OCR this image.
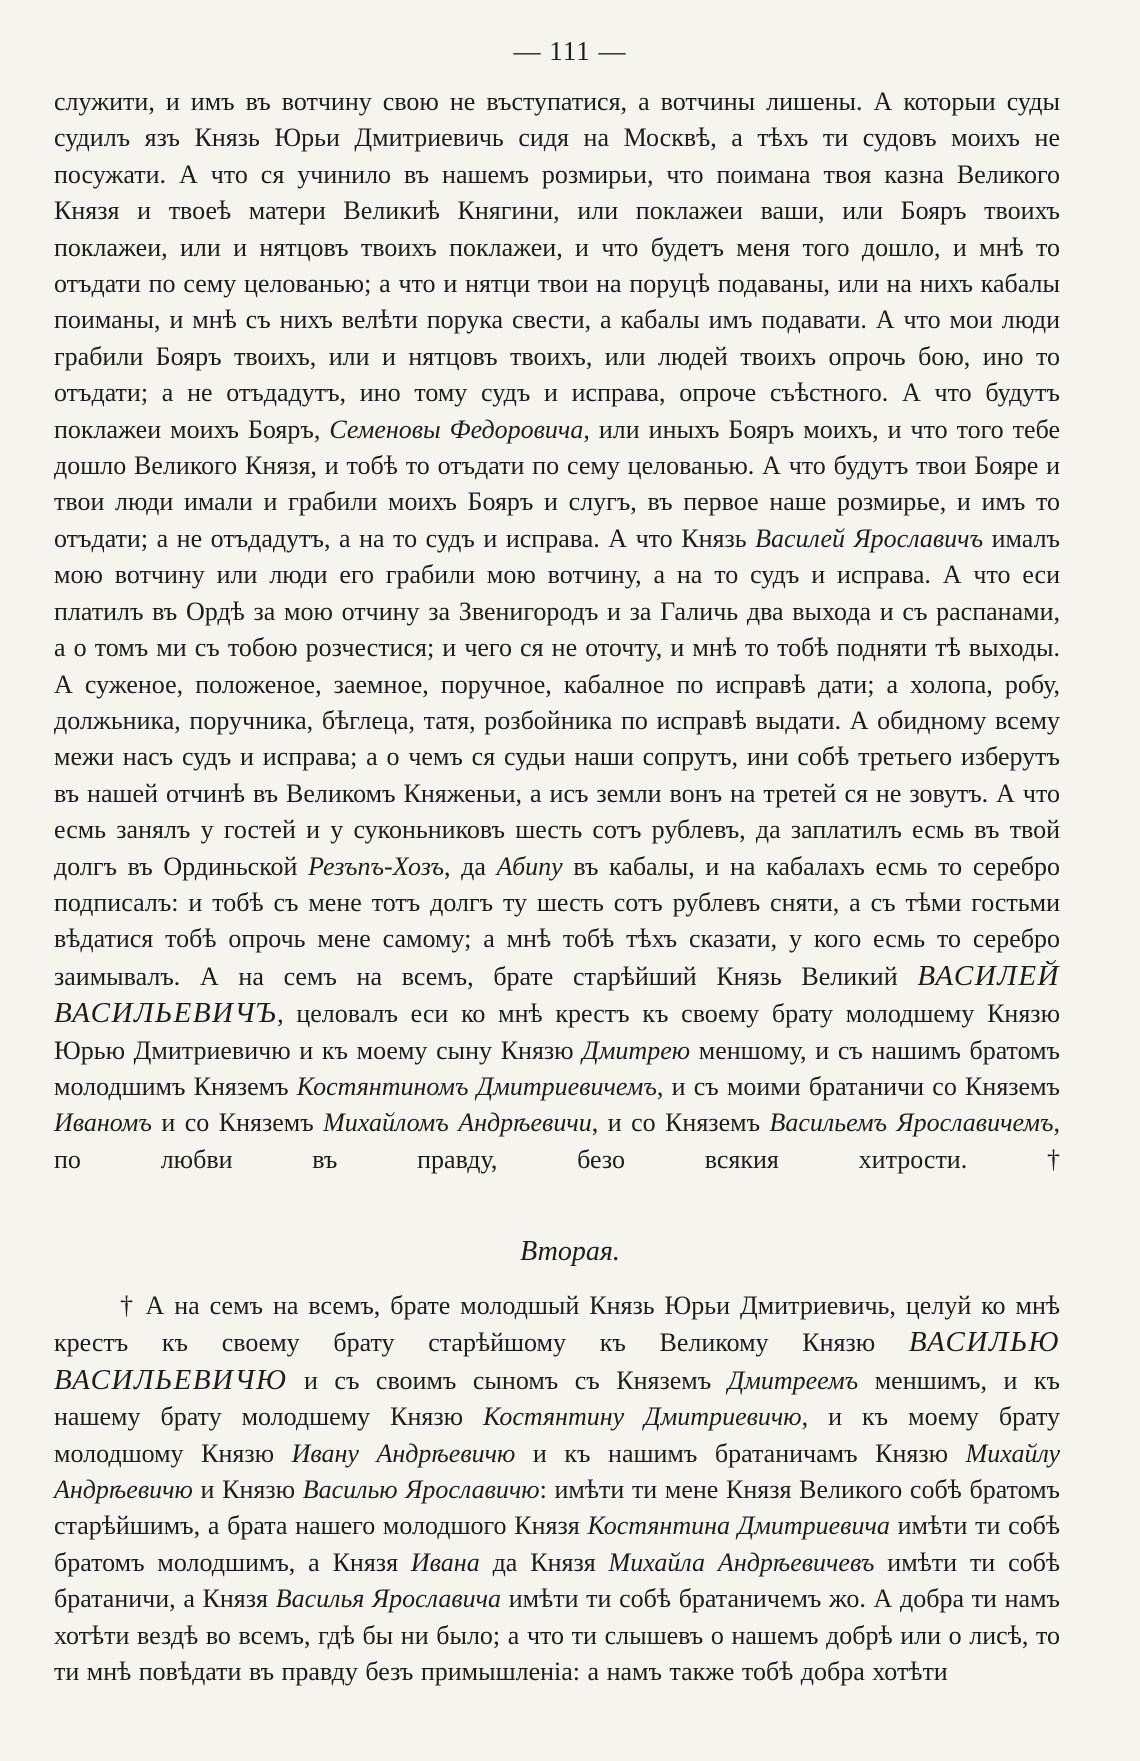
— 111 —
служити, и имъ въ вотчину свою не въступатися, а вотчины лишены. А которыи суды судилъ язъ Князь Юрьи Дмитриевичь сидя на Москвѣ, а тѣхъ ти судовъ моихъ не посужати. А что ся учинило въ нашемъ розмирьи, что поимана твоя казна Великого Князя и твоеѣ матери Великиѣ Княгини, или поклажеи ваши, или Бояръ твоихъ поклажеи, или и нятцовъ твоихъ поклажеи, и что будетъ меня того дошло, и мнѣ то отъдати по сему целованью; а что и нятци твои на поруцѣ подаваны, или на нихъ кабалы поиманы, и мнѣ съ нихъ велѣти порука свести, а кабалы имъ подавати. А что мои люди грабили Бояръ твоихъ, или и нятцовъ твоихъ, или людей твоихъ опрочь бою, ино то отъдати; а не отъдадутъ, ино тому судъ и исправа, опроче съѣстного. А что будутъ поклажеи моихъ Бояръ, Семеновы Федоровича, или иныхъ Бояръ моихъ, и что того тебе дошло Великого Князя, и тобѣ то отъдати по сему целованью. А что будутъ твои Бояре и твои люди имали и грабили моихъ Бояръ и слугъ, въ первое наше розмирье, и имъ то отъдати; а не отъдадутъ, а на то судъ и исправа. А что Князь Василей Ярославичъ ималъ мою вотчину или люди его грабили мою вотчину, а на то судъ и исправа. А что еси платилъ въ Ордѣ за мою отчину за Звенигородъ и за Галичь два выхода и съ распанами, а о томъ ми съ тобою розчестися; и чего ся не оточту, и мнѣ то тобѣ подняти тѣ выходы. А суженое, положеное, заемное, поручное, кабалное по исправѣ дати; а холопа, робу, должьника, поручника, бѣглеца, татя, розбойника по исправѣ выдати. А обидному всему межи насъ судъ и исправа; а о чемъ ся судьи наши сопрутъ, ини собѣ третьего изберутъ въ нашей отчинѣ въ Великомъ Княженьи, а исъ земли вонъ на третей ся не зовутъ. А что есмь занялъ у гостей и у суконьниковъ шесть сотъ рублевъ, да заплатилъ есмь въ твой долгъ въ Ординьской Резъпъ-Хозъ, да Абипу въ кабалы, и на кабалахъ есмь то серебро подписалъ: и тобѣ съ мене тотъ долгъ ту шесть сотъ рублевъ сняти, а съ тѣми гостьми вѣдатися тобѣ опрочь мене самому; а мнѣ тобѣ тѣхъ сказати, у кого есмь то серебро заимывалъ. А на семъ на всемъ, брате старѣйший Князь Великий ВАСИЛЕЙ ВАСИЛЬЕВИЧЪ, целовалъ еси ко мнѣ крестъ къ своему брату молодшему Князю Юрью Дмитриевичю и къ моему сыну Князю Дмитрею меншому, и съ нашимъ братомъ молодшимъ Княземъ Костянтиномъ Дмитриевичемъ, и съ моими братаничи со Княземъ Иваномъ и со Княземъ Михайломъ Андрѣевичи, и со Княземъ Васильемъ Ярославичемъ, по любви въ правду, безо всякия хитрости. †
Вторая.
† А на семъ на всемъ, брате молодшый Князь Юрьи Дмитриевичь, целуй ко мнѣ крестъ къ своему брату старѣйшому къ Великому Князю ВАСИЛЬЮ ВАСИЛЬЕВИЧЮ и съ своимъ сыномъ съ Княземъ Дмитреемъ меншимъ, и къ нашему брату молодшему Князю Костянтину Дмитриевичю, и къ моему брату молодшому Князю Ивану Андрѣевичю и къ нашимъ братаничамъ Князю Михайлу Андрѣевичю и Князю Василью Ярославичю: имѣти ти мене Князя Великого собѣ братомъ старѣйшимъ, а брата нашего молодшого Князя Костянтина Дмитриевича имѣти ти собѣ братомъ молодшимъ, а Князя Ивана да Князя Михайла Андрѣевичевъ имѣти ти собѣ братаничи, а Князя Василья Ярославича имѣти ти собѣ братаничемъ жо. А добра ти намъ хотѣти вездѣ во всемъ, гдѣ бы ни было; а что ти слышевъ о нашемъ добрѣ или о лисѣ, то ти мнѣ повѣдати въ правду безъ примышленіа: а намъ также тобѣ добра хотѣти
